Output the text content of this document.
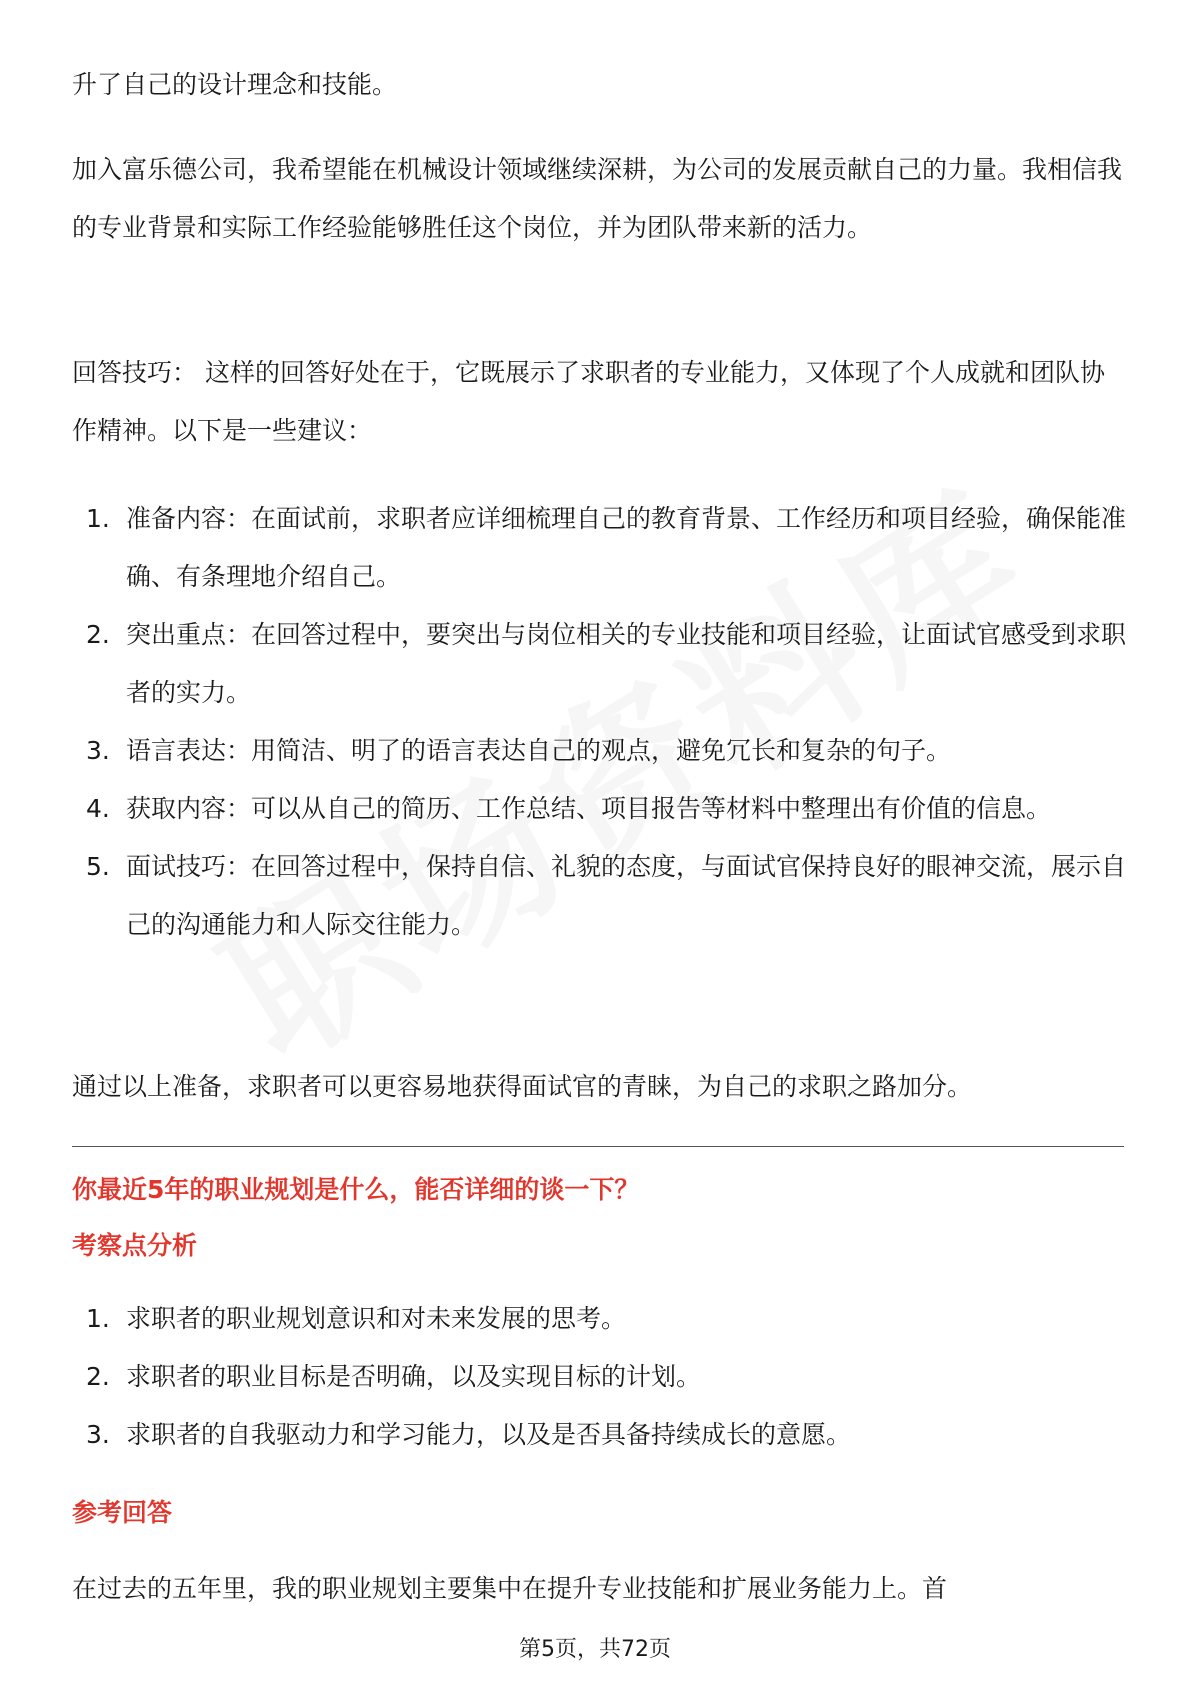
升了自己的设计理念和技能。

加入富乐德公司，我希望能在机械设计领域继续深耕，为公司的发展贡献自己的力量。我相信我的专业背景和实际工作经验能够胜任这个岗位，并为团队带来新的活力。

回答技巧： 这样的回答好处在于，它既展示了求职者的专业能力，又体现了个人成就和团队协作精神。以下是一些建议：

1. 准备内容：在面试前，求职者应详细梳理自己的教育背景、工作经历和项目经验，确保能准确、有条理地介绍自己。
2. 突出重点：在回答过程中，要突出与岗位相关的专业技能和项目经验，让面试官感受到求职者的实力。
3. 语言表达：用简洁、明了的语言表达自己的观点，避免冗长和复杂的句子。
4. 获取内容：可以从自己的简历、工作总结、项目报告等材料中整理出有价值的信息。
5. 面试技巧：在回答过程中，保持自信、礼貌的态度，与面试官保持良好的眼神交流，展示自己的沟通能力和人际交往能力。

通过以上准备，求职者可以更容易地获得面试官的青睐，为自己的求职之路加分。

你最近5年的职业规划是什么，能否详细的谈一下？
考察点分析
1. 求职者的职业规划意识和对未来发展的思考。
2. 求职者的职业目标是否明确，以及实现目标的计划。
3. 求职者的自我驱动力和学习能力，以及是否具备持续成长的意愿。
参考回答

在过去的五年里，我的职业规划主要集中在提升专业技能和扩展业务能力上。首

第5页，共72页
